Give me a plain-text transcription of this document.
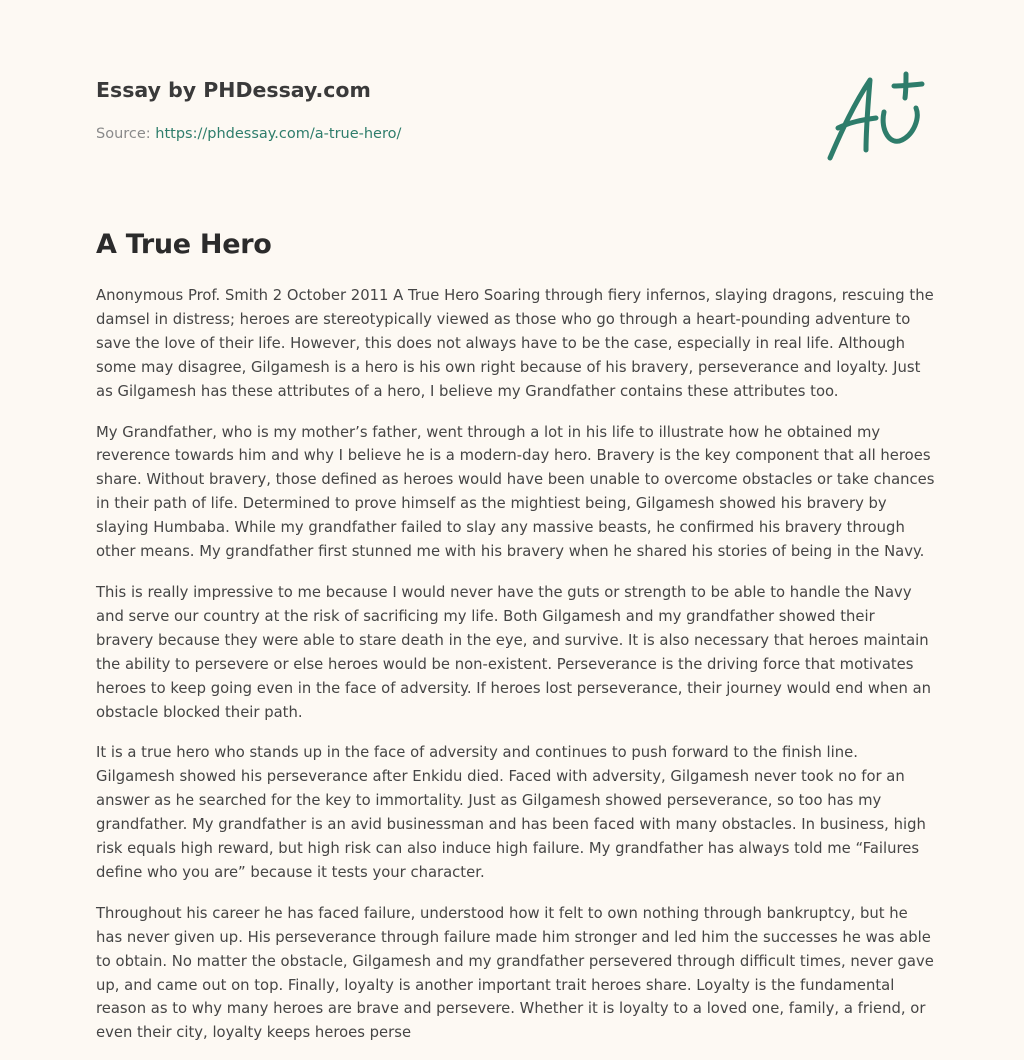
Essay by PHDessay.com
Source: https://phdessay.com/a-true-hero/
A True Hero

Anonymous Prof. Smith 2 October 2011 A True Hero Soaring through fiery infernos, slaying dragons, rescuing the damsel in distress; heroes are stereotypically viewed as those who go through a heart-pounding adventure to save the love of their life. However, this does not always have to be the case, especially in real life. Although some may disagree, Gilgamesh is a hero is his own right because of his bravery, perseverance and loyalty. Just as Gilgamesh has these attributes of a hero, I believe my Grandfather contains these attributes too.

My Grandfather, who is my mother’s father, went through a lot in his life to illustrate how he obtained my reverence towards him and why I believe he is a modern-day hero. Bravery is the key component that all heroes share. Without bravery, those defined as heroes would have been unable to overcome obstacles or take chances in their path of life. Determined to prove himself as the mightiest being, Gilgamesh showed his bravery by slaying Humbaba. While my grandfather failed to slay any massive beasts, he confirmed his bravery through other means. My grandfather first stunned me with his bravery when he shared his stories of being in the Navy.

This is really impressive to me because I would never have the guts or strength to be able to handle the Navy and serve our country at the risk of sacrificing my life. Both Gilgamesh and my grandfather showed their bravery because they were able to stare death in the eye, and survive. It is also necessary that heroes maintain the ability to persevere or else heroes would be non-existent. Perseverance is the driving force that motivates heroes to keep going even in the face of adversity. If heroes lost perseverance, their journey would end when an obstacle blocked their path.

It is a true hero who stands up in the face of adversity and continues to push forward to the finish line. Gilgamesh showed his perseverance after Enkidu died. Faced with adversity, Gilgamesh never took no for an answer as he searched for the key to immortality. Just as Gilgamesh showed perseverance, so too has my grandfather. My grandfather is an avid businessman and has been faced with many obstacles. In business, high risk equals high reward, but high risk can also induce high failure. My grandfather has always told me “Failures define who you are” because it tests your character.

Throughout his career he has faced failure, understood how it felt to own nothing through bankruptcy, but he has never given up. His perseverance through failure made him stronger and led him the successes he was able to obtain. No matter the obstacle, Gilgamesh and my grandfather persevered through difficult times, never gave up, and came out on top. Finally, loyalty is another important trait heroes share. Loyalty is the fundamental reason as to why many heroes are brave and persevere. Whether it is loyalty to a loved one, family, a friend, or even their city, loyalty keeps heroes perse
